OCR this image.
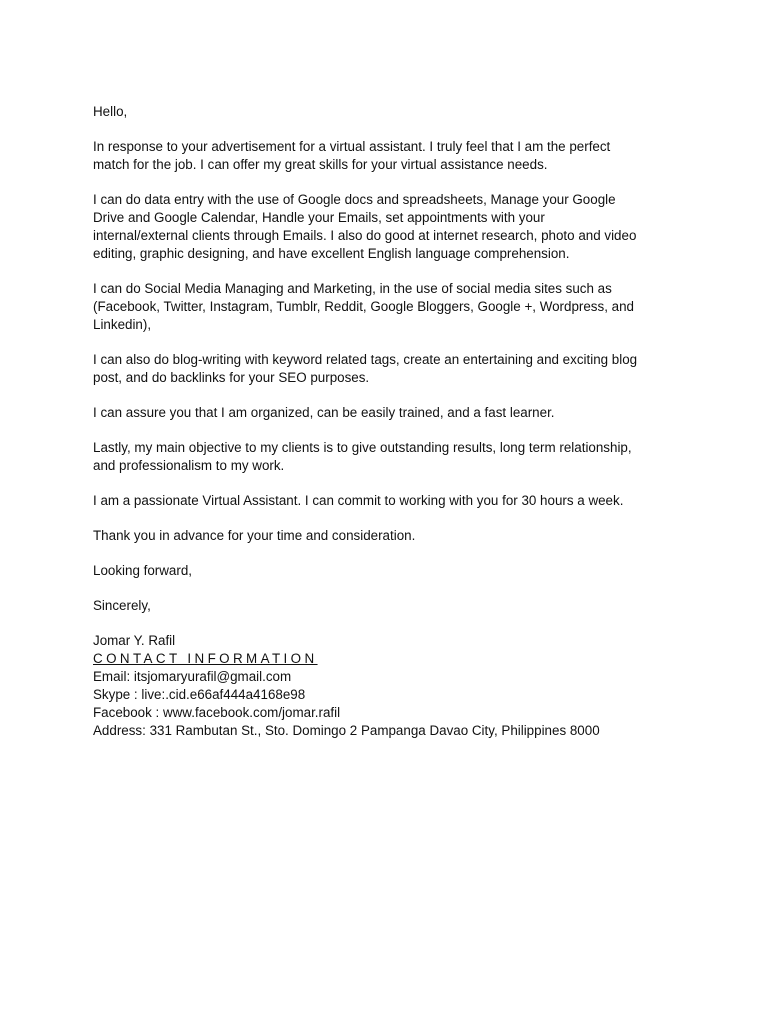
Hello,

In response to your advertisement for a virtual assistant. I truly feel that I am the perfect
match for the job. I can offer my great skills for your virtual assistance needs.

I can do data entry with the use of Google docs and spreadsheets, Manage your Google
Drive and Google Calendar, Handle your Emails, set appointments with your
internal/external clients through Emails. I also do good at internet research, photo and video
editing, graphic designing, and have excellent English language comprehension.

I can do Social Media Managing and Marketing, in the use of social media sites such as
(Facebook, Twitter, Instagram, Tumblr, Reddit, Google Bloggers, Google +, Wordpress, and
Linkedin),

I can also do blog-writing with keyword related tags, create an entertaining and exciting blog
post, and do backlinks for your SEO purposes.

I can assure you that I am organized, can be easily trained, and a fast learner.

Lastly, my main objective to my clients is to give outstanding results, long term relationship,
and professionalism to my work.

I am a passionate Virtual Assistant. I can commit to working with you for 30 hours a week.

Thank you in advance for your time and consideration.

Looking forward,

Sincerely,

Jomar Y. Rafil
CONTACT INFORMATION
Email: itsjomaryurafil@gmail.com
Skype : live:.cid.e66af444a4168e98
Facebook : www.facebook.com/jomar.rafil
Address: 331 Rambutan St., Sto. Domingo 2 Pampanga Davao City, Philippines 8000
